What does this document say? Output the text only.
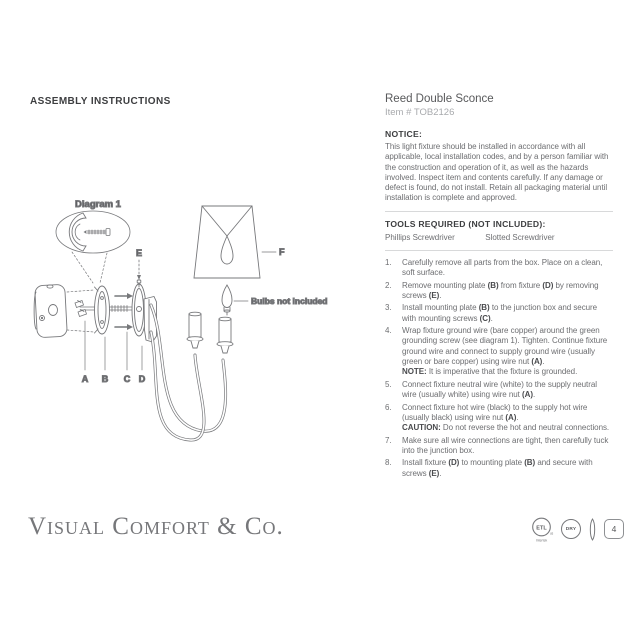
ASSEMBLY INSTRUCTIONS	Reed Double Sconce
Item # TOB2126
NOTICE:
This light fixture should be installed in accordance with all applicable, local installation codes, and by a person familiar with the construction and operation of it, as well as the hazards involved. Inspect item and contents carefully. If any damage or defect is found, do not install. Retain all packaging material until installation is complete and approved.
TOOLS REQUIRED (NOT INCLUDED):
Phillips Screwdriver	Slotted Screwdriver
1.	Carefully remove all parts from the box. Place on a clean, soft surface.
2.	Remove mounting plate (B) from fixture (D) by removing screws (E).
3.	Install mounting plate (B) to the junction box and secure with mounting screws (C).
4.	Wrap fixture ground wire (bare copper) around the green grounding screw (see diagram 1). Tighten. Continue fixture ground wire and connect to supply ground wire (usually green or bare copper) using wire nut (A).
NOTE: It is imperative that the fixture is grounded.
5.	Connect fixture neutral wire (white) to the supply neutral wire (usually white) using wire nut (A).
6.	Connect fixture hot wire (black) to the supply hot wire (usually black) using wire nut (A).
CAUTION: Do not reverse the hot and neutral connections.
7.	Make sure all wire connections are tight, then carefully tuck into the junction box.
8.	Install fixture (D) to mounting plate (B) and secure with screws (E).
Diagram 1
A B C D
E	F
Bulbs not included
Visual Comfort & Co.	ETL
us
Intertek
DRY	4
